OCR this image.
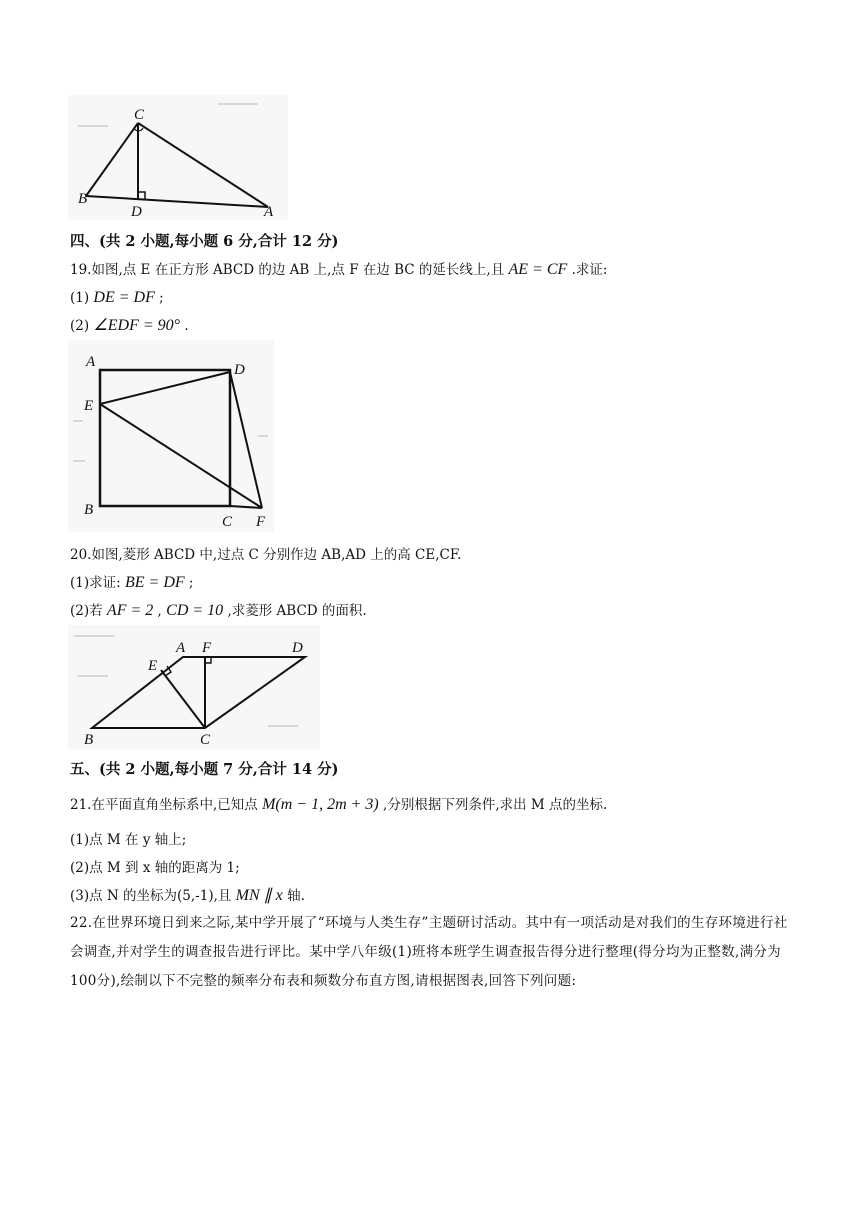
C
B
D	A
四、(共 2 小题,每小题 6 分,合计 12 分)
19.如图,点 E 在正方形 ABCD 的边 AB 上,点 F 在边 BC 的延长线上,且 AE = CF .求证:
(1) DE = DF ;
(2) ∠EDF = 90° .
A	D
E
B
C F
20.如图,菱形 ABCD 中,过点 C 分别作边 AB,AD 上的高 CE,CF.
(1)求证: BE = DF ;
(2)若 AF = 2 , CD = 10 ,求菱形 ABCD 的面积.
A F	D
E
B	C
五、(共 2 小题,每小题 7 分,合计 14 分)
21.在平面直角坐标系中,已知点 M(m − 1, 2m + 3) ,分别根据下列条件,求出 M 点的坐标.
(1)点 M 在 y 轴上;
(2)点 M 到 x 轴的距离为 1;
(3)点 N 的坐标为(5,-1),且 MN ∥ x 轴.
22.在世界环境日到来之际,某中学开展了“环境与人类生存”主题研讨活动。其中有一项活动是对我们的生存环境进行社会调查,并对学生的调查报告进行评比。某中学八年级(1)班将本班学生调查报告得分进行整理(得分均为正整数,满分为100分),绘制以下不完整的频率分布表和频数分布直方图,请根据图表,回答下列问题:
